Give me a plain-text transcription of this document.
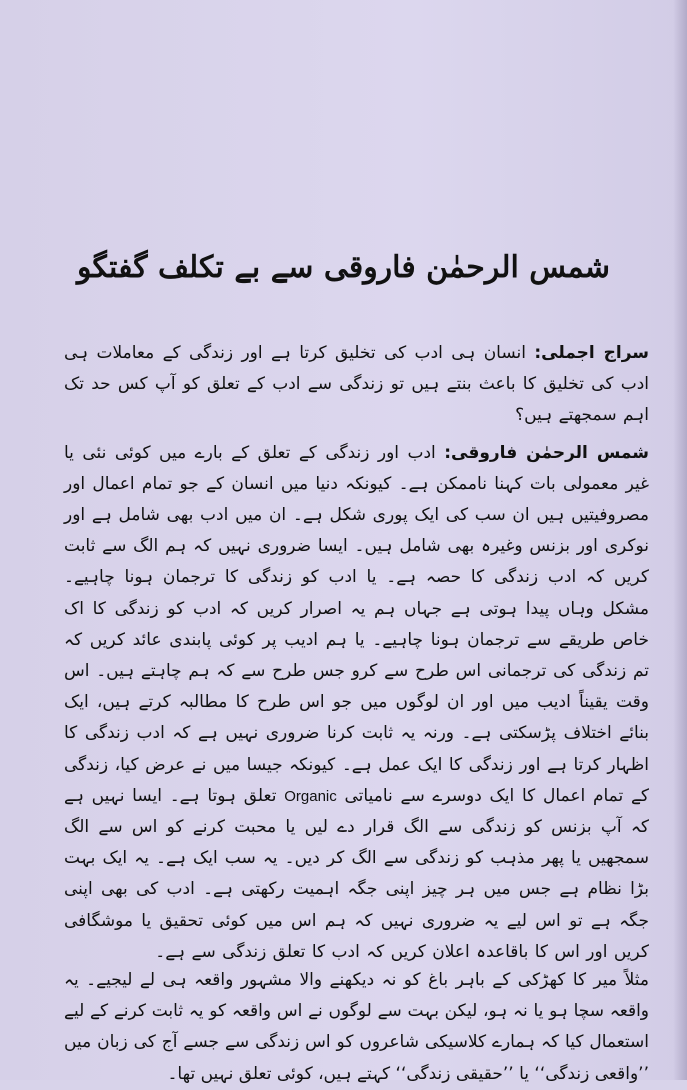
شمس الرحمٰن فاروقی سے بے تکلف گفتگو

سراج اجملی: انسان ہی ادب کی تخلیق کرتا ہے اور زندگی کے معاملات ہی ادب کی تخلیق کا باعث بنتے ہیں تو زندگی سے ادب کے تعلق کو آپ کس حد تک اہم سمجھتے ہیں؟

شمس الرحمٰن فاروقی: ادب اور زندگی کے تعلق کے بارے میں کوئی نئی یا غیر معمولی بات کہنا ناممکن ہے۔ کیونکہ دنیا میں انسان کے جو تمام اعمال اور مصروفیتیں ہیں ان سب کی ایک پوری شکل ہے۔ ان میں ادب بھی شامل ہے اور نوکری اور بزنس وغیرہ بھی شامل ہیں۔ ایسا ضروری نہیں کہ ہم الگ سے ثابت کریں کہ ادب زندگی کا حصہ ہے۔ یا ادب کو زندگی کا ترجمان ہونا چاہیے۔ مشکل وہاں پیدا ہوتی ہے جہاں ہم یہ اصرار کریں کہ ادب کو زندگی کا اک خاص طریقے سے ترجمان ہونا چاہیے۔ یا ہم ادیب پر کوئی پابندی عائد کریں کہ تم زندگی کی ترجمانی اس طرح سے کرو جس طرح سے کہ ہم چاہتے ہیں۔ اس وقت یقیناً ادیب میں اور ان لوگوں میں جو اس طرح کا مطالبہ کرتے ہیں، ایک بنائے اختلاف پڑسکتی ہے۔ ورنہ یہ ثابت کرنا ضروری نہیں ہے کہ ادب زندگی کا اظہار کرتا ہے اور زندگی کا ایک عمل ہے۔ کیونکہ جیسا میں نے عرض کیا، زندگی کے تمام اعمال کا ایک دوسرے سے نامیاتی Organic تعلق ہوتا ہے۔ ایسا نہیں ہے کہ آپ بزنس کو زندگی سے الگ قرار دے لیں یا محبت کرنے کو اس سے الگ سمجھیں یا پھر مذہب کو زندگی سے الگ کر دیں۔ یہ سب ایک ہے۔ یہ ایک بہت بڑا نظام ہے جس میں ہر چیز اپنی جگہ اہمیت رکھتی ہے۔ ادب کی بھی اپنی جگہ ہے تو اس لیے یہ ضروری نہیں کہ ہم اس میں کوئی تحقیق یا موشگافی کریں اور اس کا باقاعدہ اعلان کریں کہ ادب کا تعلق زندگی سے ہے۔

مثلاً میر کا کھڑکی کے باہر باغ کو نہ دیکھنے والا مشہور واقعہ ہی لے لیجیے۔ یہ واقعہ سچا ہو یا نہ ہو، لیکن بہت سے لوگوں نے اس واقعہ کو یہ ثابت کرنے کے لیے استعمال کیا کہ ہمارے کلاسیکی شاعروں کو اس زندگی سے جسے آج کی زبان میں ’’واقعی زندگی‘‘ یا ’’حقیقی زندگی‘‘ کہتے ہیں، کوئی تعلق نہیں تھا۔
